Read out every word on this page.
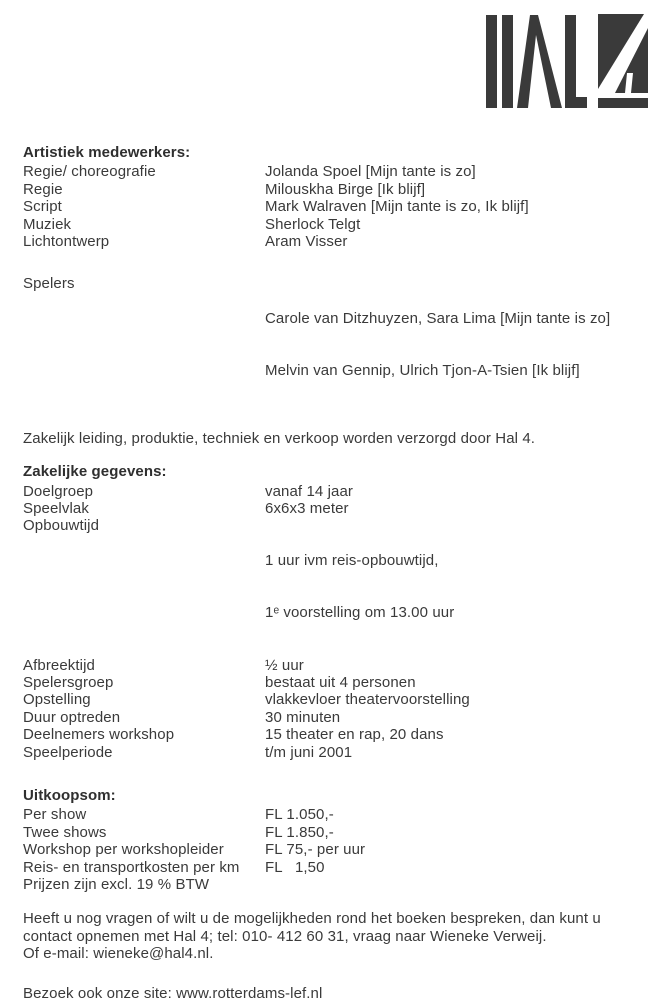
Artistiek medewerkers:
Regie/ choreografie	Jolanda Spoel [Mijn tante is zo]
Regie	Milouskha Birge [Ik blijf]
Script	Mark Walraven [Mijn tante is zo, Ik blijf]
Muziek	Sherlock Telgt
Lichtontwerp	Aram Visser
Spelers

Carole van Ditzhuyzen, Sara Lima [Mijn tante is zo]

Melvin van Gennip, Ulrich Tjon-A-Tsien [Ik blijf]

Zakelijk leiding, produktie, techniek en verkoop worden verzorgd door Hal 4.

Zakelijke gegevens:
Doelgroep	vanaf 14 jaar
Speelvlak	6x6x3 meter
Opbouwtijd

1 uur ivm reis-opbouwtijd,

1ᵉ voorstelling om 13.00 uur

Afbreektijd	½ uur
Spelersgroep	bestaat uit 4 personen
Opstelling	vlakkevloer theatervoorstelling
Duur optreden	30 minuten
Deelnemers workshop	15 theater en rap, 20 dans
Speelperiode	t/m juni 2001
Uitkoopsom:
Per show	FL 1.050,-
Twee shows	FL 1.850,-
Workshop per workshopleider	FL 75,- per uur
Reis- en transportkosten per km	FL   1,50
Prijzen zijn excl. 19 % BTW

Heeft u nog vragen of wilt u de mogelijkheden rond het boeken bespreken, dan kunt u
contact opnemen met Hal 4; tel: 010- 412 60 31, vraag naar Wieneke Verweij.
Of e-mail: wieneke@hal4.nl.

Bezoek ook onze site: www.rotterdams-lef.nl
